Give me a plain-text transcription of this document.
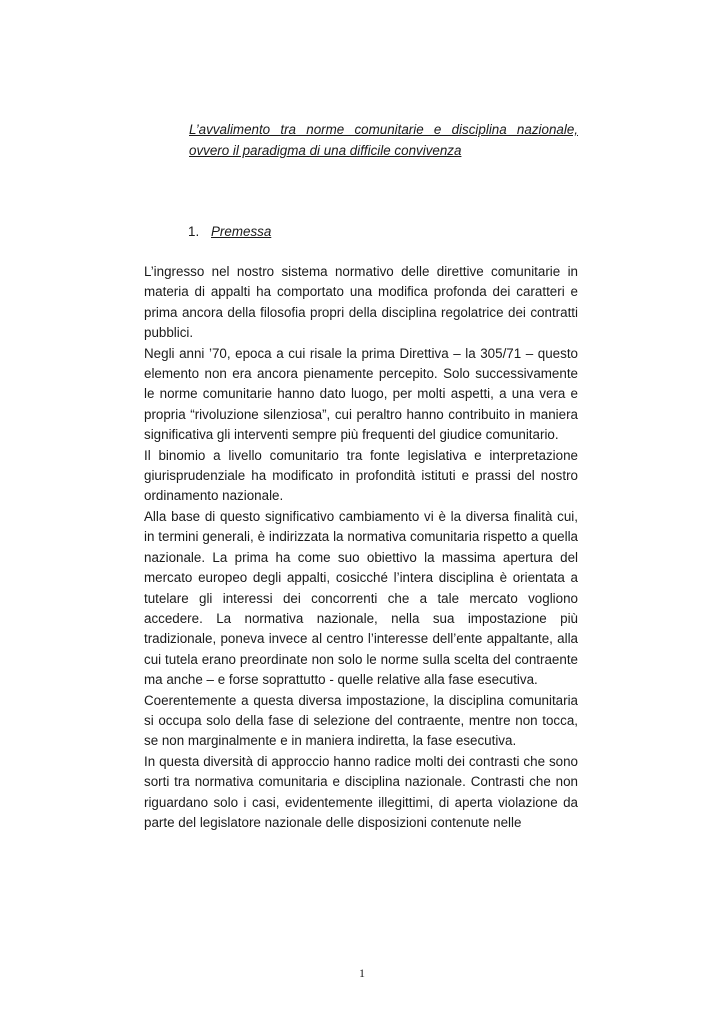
L’avvalimento tra norme comunitarie e disciplina nazionale, ovvero il paradigma di una difficile convivenza
1. Premessa

L’ingresso nel nostro sistema normativo delle direttive comunitarie in materia di appalti ha comportato una modifica profonda dei caratteri e prima ancora della filosofia propri della disciplina regolatrice dei contratti pubblici.

Negli anni ’70, epoca a cui risale la prima Direttiva – la 305/71 – questo elemento non era ancora pienamente percepito. Solo successivamente le norme comunitarie hanno dato luogo, per molti aspetti, a una vera e propria “rivoluzione silenziosa”, cui peraltro hanno contribuito in maniera significativa gli interventi sempre più frequenti del giudice comunitario.

Il binomio a livello comunitario tra fonte legislativa e interpretazione giurisprudenziale ha modificato in profondità istituti e prassi del nostro ordinamento nazionale.

Alla base di questo significativo cambiamento vi è la diversa finalità cui, in termini generali, è indirizzata la normativa comunitaria rispetto a quella nazionale. La prima ha come suo obiettivo la massima apertura del mercato europeo degli appalti, cosicché l’intera disciplina è orientata a tutelare gli interessi dei concorrenti che a tale mercato vogliono accedere. La normativa nazionale, nella sua impostazione più tradizionale, poneva invece al centro l’interesse dell’ente appaltante, alla cui tutela erano preordinate non solo le norme sulla scelta del contraente ma anche – e forse soprattutto - quelle relative alla fase esecutiva.

Coerentemente a questa diversa impostazione, la disciplina comunitaria si occupa solo della fase di selezione del contraente, mentre non tocca, se non marginalmente e in maniera indiretta, la fase esecutiva.

In questa diversità di approccio hanno radice molti dei contrasti che sono sorti tra normativa comunitaria e disciplina nazionale. Contrasti che non riguardano solo i casi, evidentemente illegittimi, di aperta violazione da parte del legislatore nazionale delle disposizioni contenute nelle

1
